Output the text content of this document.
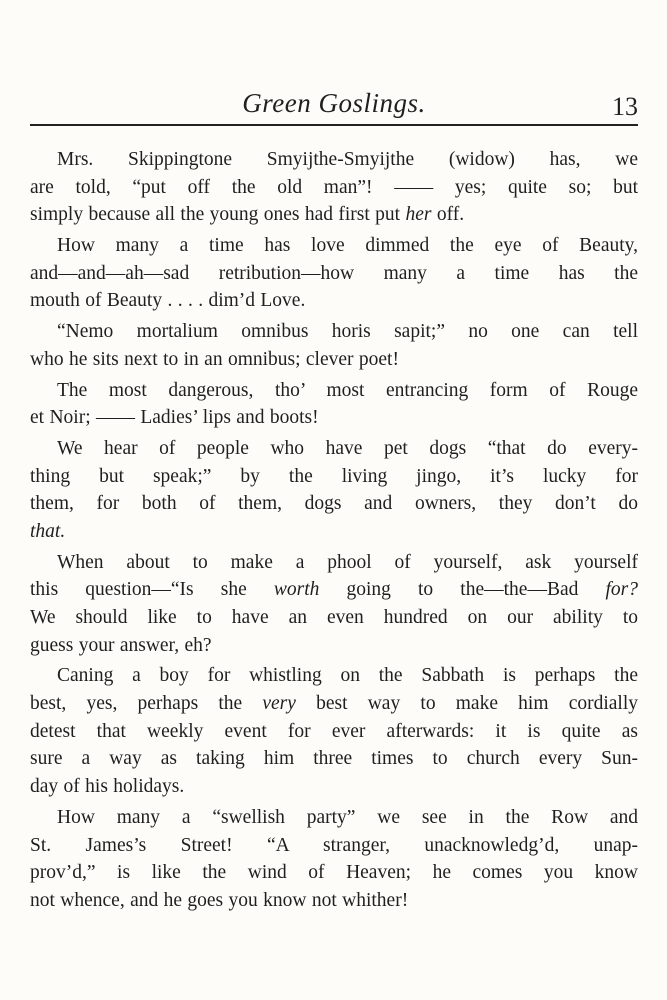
Green Goslings.	13
Mrs. Skippingtone Smyijthe-Smyijthe (widow) has, we
are told, “put off the old man”! —— yes; quite so; but
simply because all the young ones had first put her off.
How many a time has love dimmed the eye of Beauty,
and—and—ah—sad retribution—how many a time has the
mouth of Beauty . . . . dim’d Love.
“Nemo mortalium omnibus horis sapit;” no one can tell
who he sits next to in an omnibus; clever poet!
The most dangerous, tho’ most entrancing form of Rouge
et Noir; —— Ladies’ lips and boots!
We hear of people who have pet dogs “that do every-
thing but speak;” by the living jingo, it’s lucky for
them, for both of them, dogs and owners, they don’t do
that.
When about to make a phool of yourself, ask yourself
this question—“Is she worth going to the—the—Bad for?
We should like to have an even hundred on our ability to
guess your answer, eh?
Caning a boy for whistling on the Sabbath is perhaps the
best, yes, perhaps the very best way to make him cordially
detest that weekly event for ever afterwards: it is quite as
sure a way as taking him three times to church every Sun-
day of his holidays.
How many a “swellish party” we see in the Row and
St. James’s Street! “A stranger, unacknowledg’d, unap-
prov’d,” is like the wind of Heaven; he comes you know
not whence, and he goes you know not whither!
